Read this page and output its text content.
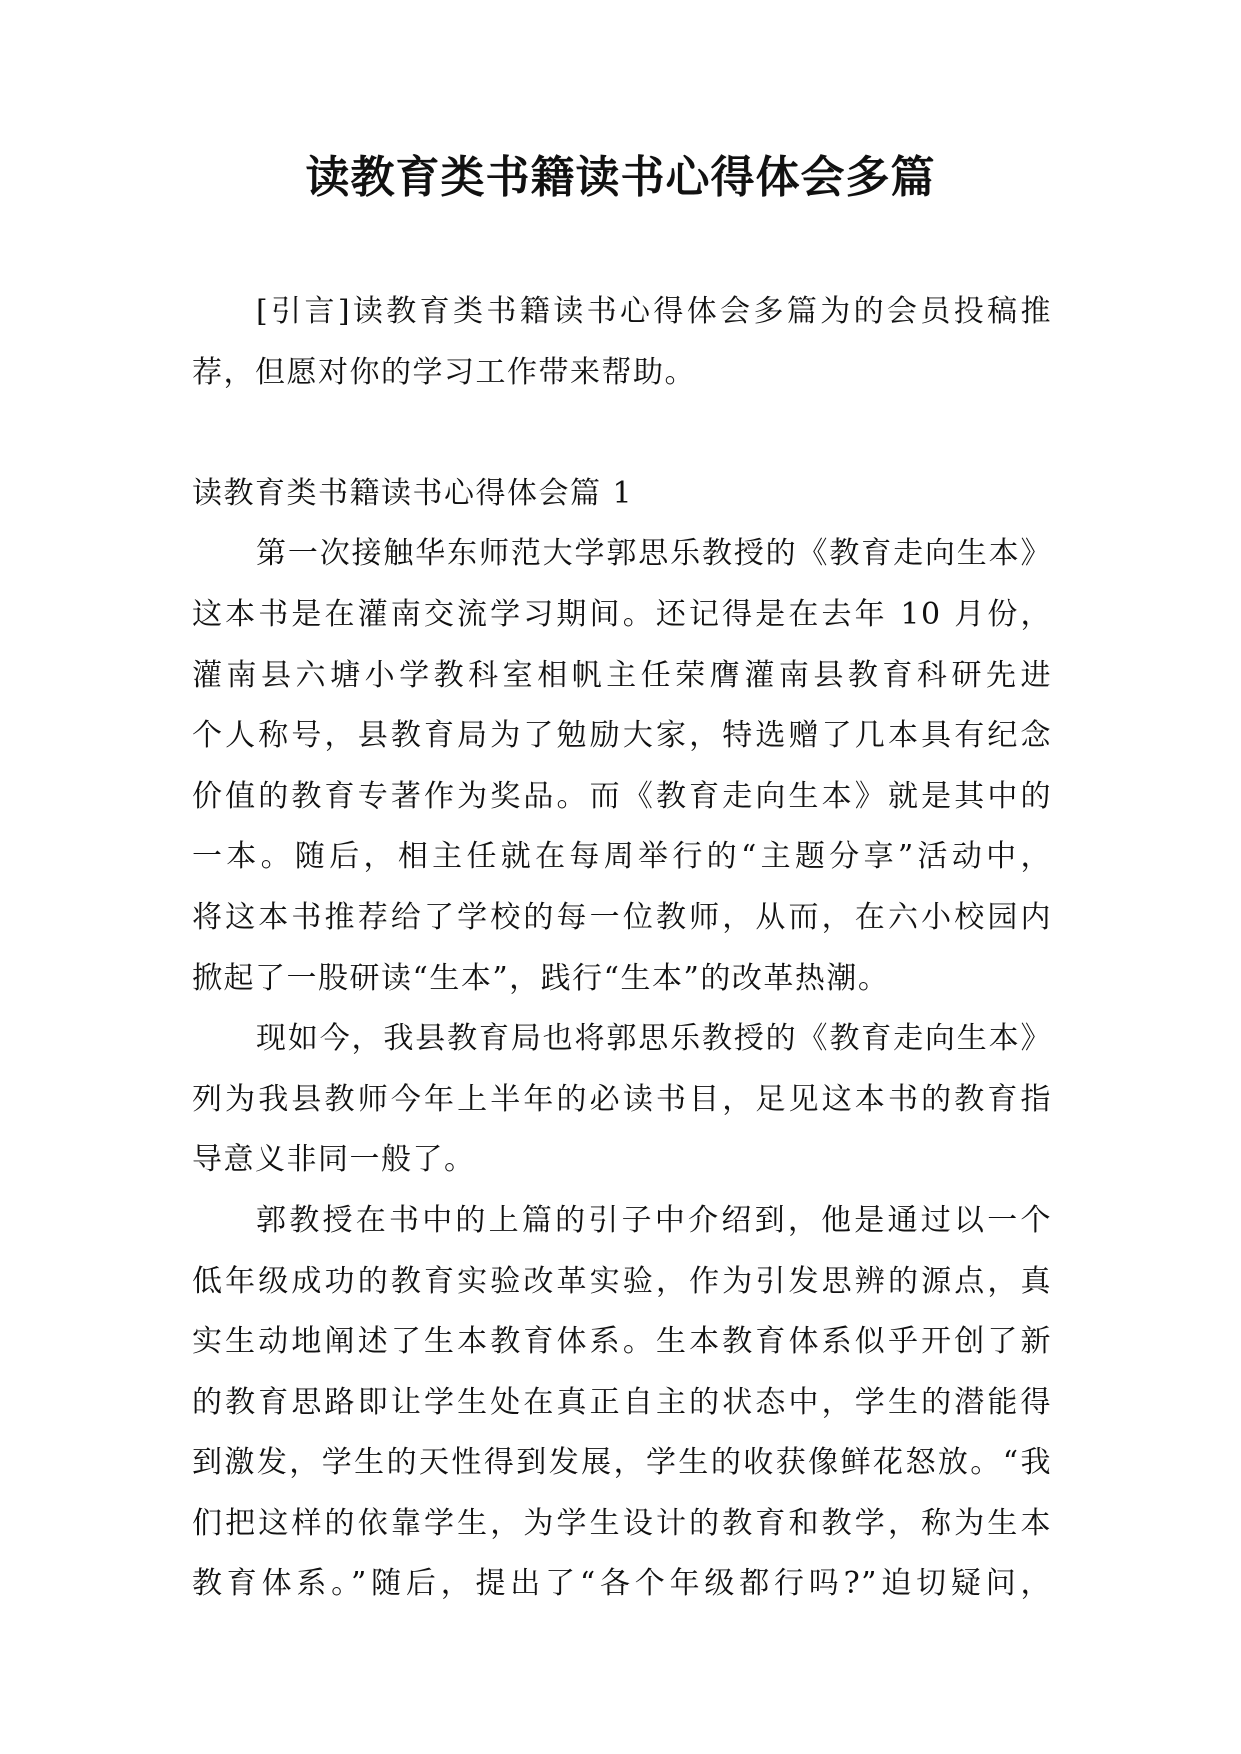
读教育类书籍读书心得体会多篇
[引言]读教育类书籍读书心得体会多篇为的会员投稿推
荐，但愿对你的学习工作带来帮助。
读教育类书籍读书心得体会篇 1
第一次接触华东师范大学郭思乐教授的《教育走向生本》
这本书是在灌南交流学习期间。还记得是在去年 10 月份，
灌南县六塘小学教科室相帆主任荣膺灌南县教育科研先进
个人称号，县教育局为了勉励大家，特选赠了几本具有纪念
价值的教育专著作为奖品。而《教育走向生本》就是其中的
一本。随后，相主任就在每周举行的“主题分享”活动中，
将这本书推荐给了学校的每一位教师，从而，在六小校园内
掀起了一股研读“生本”，践行“生本”的改革热潮。
现如今，我县教育局也将郭思乐教授的《教育走向生本》
列为我县教师今年上半年的必读书目，足见这本书的教育指
导意义非同一般了。
郭教授在书中的上篇的引子中介绍到，他是通过以一个
低年级成功的教育实验改革实验，作为引发思辨的源点，真
实生动地阐述了生本教育体系。生本教育体系似乎开创了新
的教育思路即让学生处在真正自主的状态中，学生的潜能得
到激发，学生的天性得到发展，学生的收获像鲜花怒放。“我
们把这样的依靠学生，为学生设计的教育和教学，称为生本
教育体系。”随后，提出了“各个年级都行吗?”迫切疑问，
